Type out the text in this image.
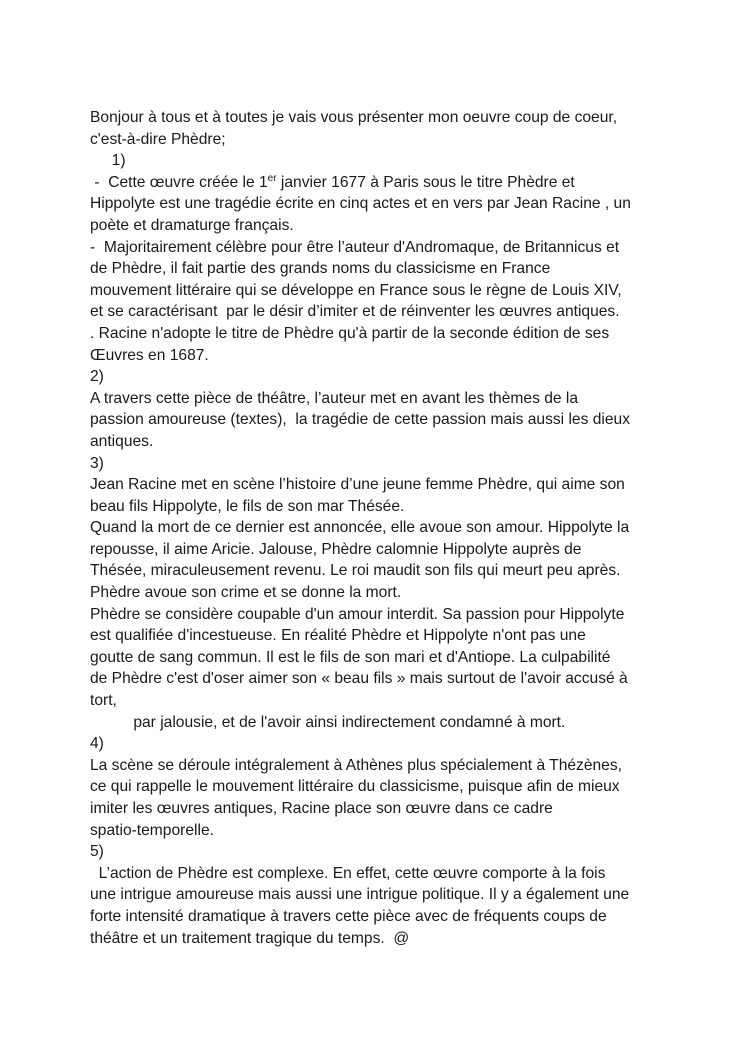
Bonjour à tous et à toutes je vais vous présenter mon oeuvre coup de coeur,
c'est-à-dire Phèdre;
1)
-  Cette œuvre créée le 1er janvier 1677 à Paris sous le titre Phèdre et
Hippolyte est une tragédie écrite en cinq actes et en vers par Jean Racine , un
poète et dramaturge français.
-  Majoritairement célèbre pour être l’auteur d'Andromaque, de Britannicus et
de Phèdre, il fait partie des grands noms du classicisme en France
mouvement littéraire qui se développe en France sous le règne de Louis XIV,
et se caractérisant  par le désir d’imiter et de réinventer les œuvres antiques.
. Racine n'adopte le titre de Phèdre qu'à partir de la seconde édition de ses
Œuvres en 1687.
2)
A travers cette pièce de théâtre, l’auteur met en avant les thèmes de la
passion amoureuse (textes),  la tragédie de cette passion mais aussi les dieux
antiques.
3)
Jean Racine met en scène l’histoire d’une jeune femme Phèdre, qui aime son
beau fils Hippolyte, le fils de son mar Thésée.
Quand la mort de ce dernier est annoncée, elle avoue son amour. Hippolyte la
repousse, il aime Aricie. Jalouse, Phèdre calomnie Hippolyte auprès de
Thésée, miraculeusement revenu. Le roi maudit son fils qui meurt peu après.
Phèdre avoue son crime et se donne la mort.
Phèdre se considère coupable d'un amour interdit. Sa passion pour Hippolyte
est qualifiée d'incestueuse. En réalité Phèdre et Hippolyte n'ont pas une
goutte de sang commun. Il est le fils de son mari et d'Antiope. La culpabilité
de Phèdre c'est d'oser aimer son « beau fils » mais surtout de l'avoir accusé à
tort,
par jalousie, et de l'avoir ainsi indirectement condamné à mort.
4)
La scène se déroule intégralement à Athènes plus spécialement à Thézènes,
ce qui rappelle le mouvement littéraire du classicisme, puisque afin de mieux
imiter les œuvres antiques, Racine place son œuvre dans ce cadre
spatio-temporelle.
5)
L’action de Phèdre est complexe. En effet, cette œuvre comporte à la fois
une intrigue amoureuse mais aussi une intrigue politique. Il y a également une
forte intensité dramatique à travers cette pièce avec de fréquents coups de
théâtre et un traitement tragique du temps.  @
